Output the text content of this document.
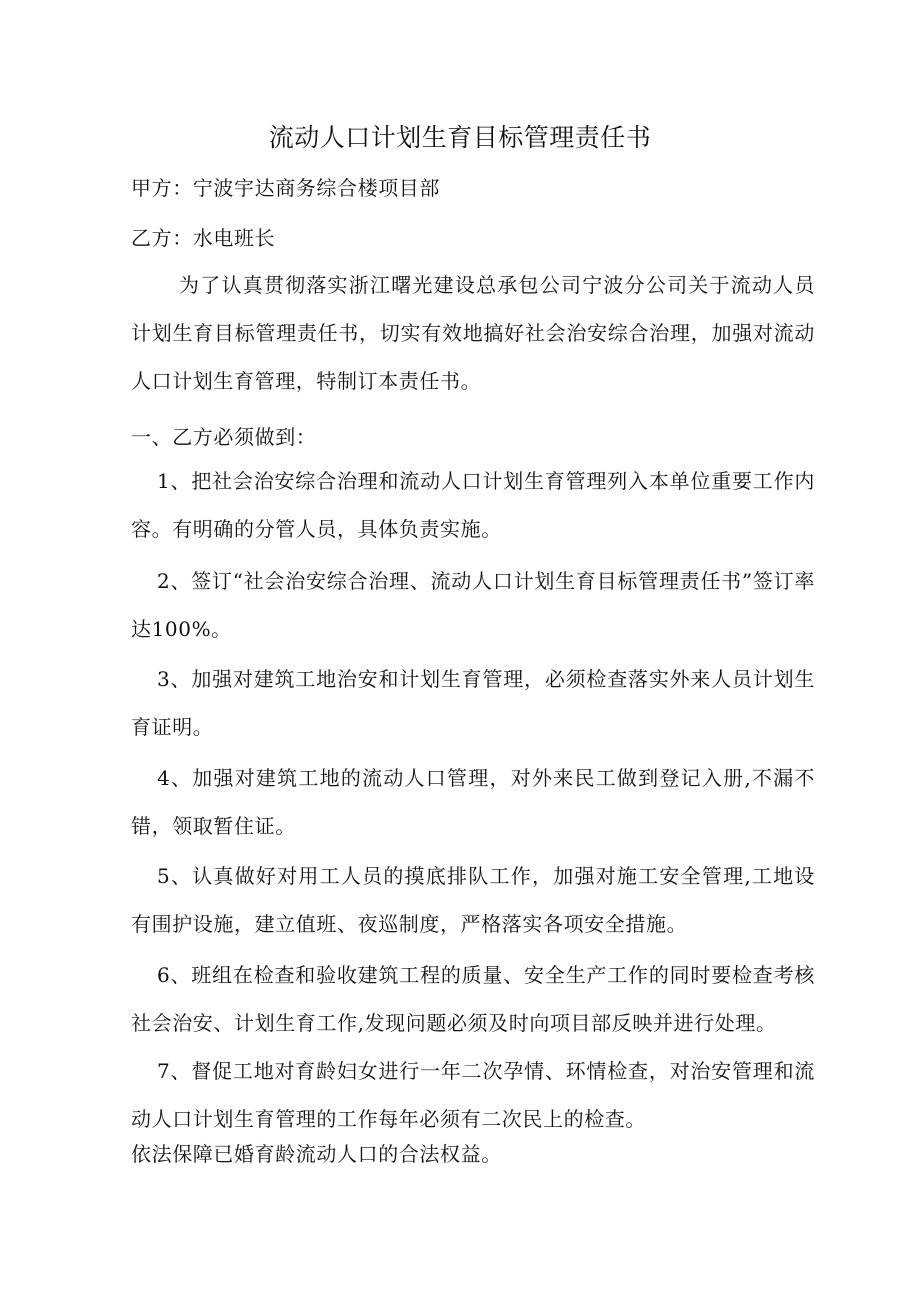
流动人口计划生育目标管理责任书
甲方：宁波宇达商务综合楼项目部
乙方：水电班长

为了认真贯彻落实浙江曙光建设总承包公司宁波分公司关于流动人员计划生育目标管理责任书，切实有效地搞好社会治安综合治理，加强对流动人口计划生育管理，特制订本责任书。

一、乙方必须做到：

1、把社会治安综合治理和流动人口计划生育管理列入本单位重要工作内容。有明确的分管人员，具体负责实施。

2、签订“社会治安综合治理、流动人口计划生育目标管理责任书”签订率达100%。

3、加强对建筑工地治安和计划生育管理，必须检查落实外来人员计划生育证明。

4、加强对建筑工地的流动人口管理，对外来民工做到登记入册,不漏不错，领取暂住证。

5、认真做好对用工人员的摸底排队工作，加强对施工安全管理,工地设有围护设施，建立值班、夜巡制度，严格落实各项安全措施。

6、班组在检查和验收建筑工程的质量、安全生产工作的同时要检查考核社会治安、计划生育工作,发现问题必须及时向项目部反映并进行处理。

7、督促工地对育龄妇女进行一年二次孕情、环情检查，对治安管理和流动人口计划生育管理的工作每年必须有二次民上的检查。

依法保障已婚育龄流动人口的合法权益。
